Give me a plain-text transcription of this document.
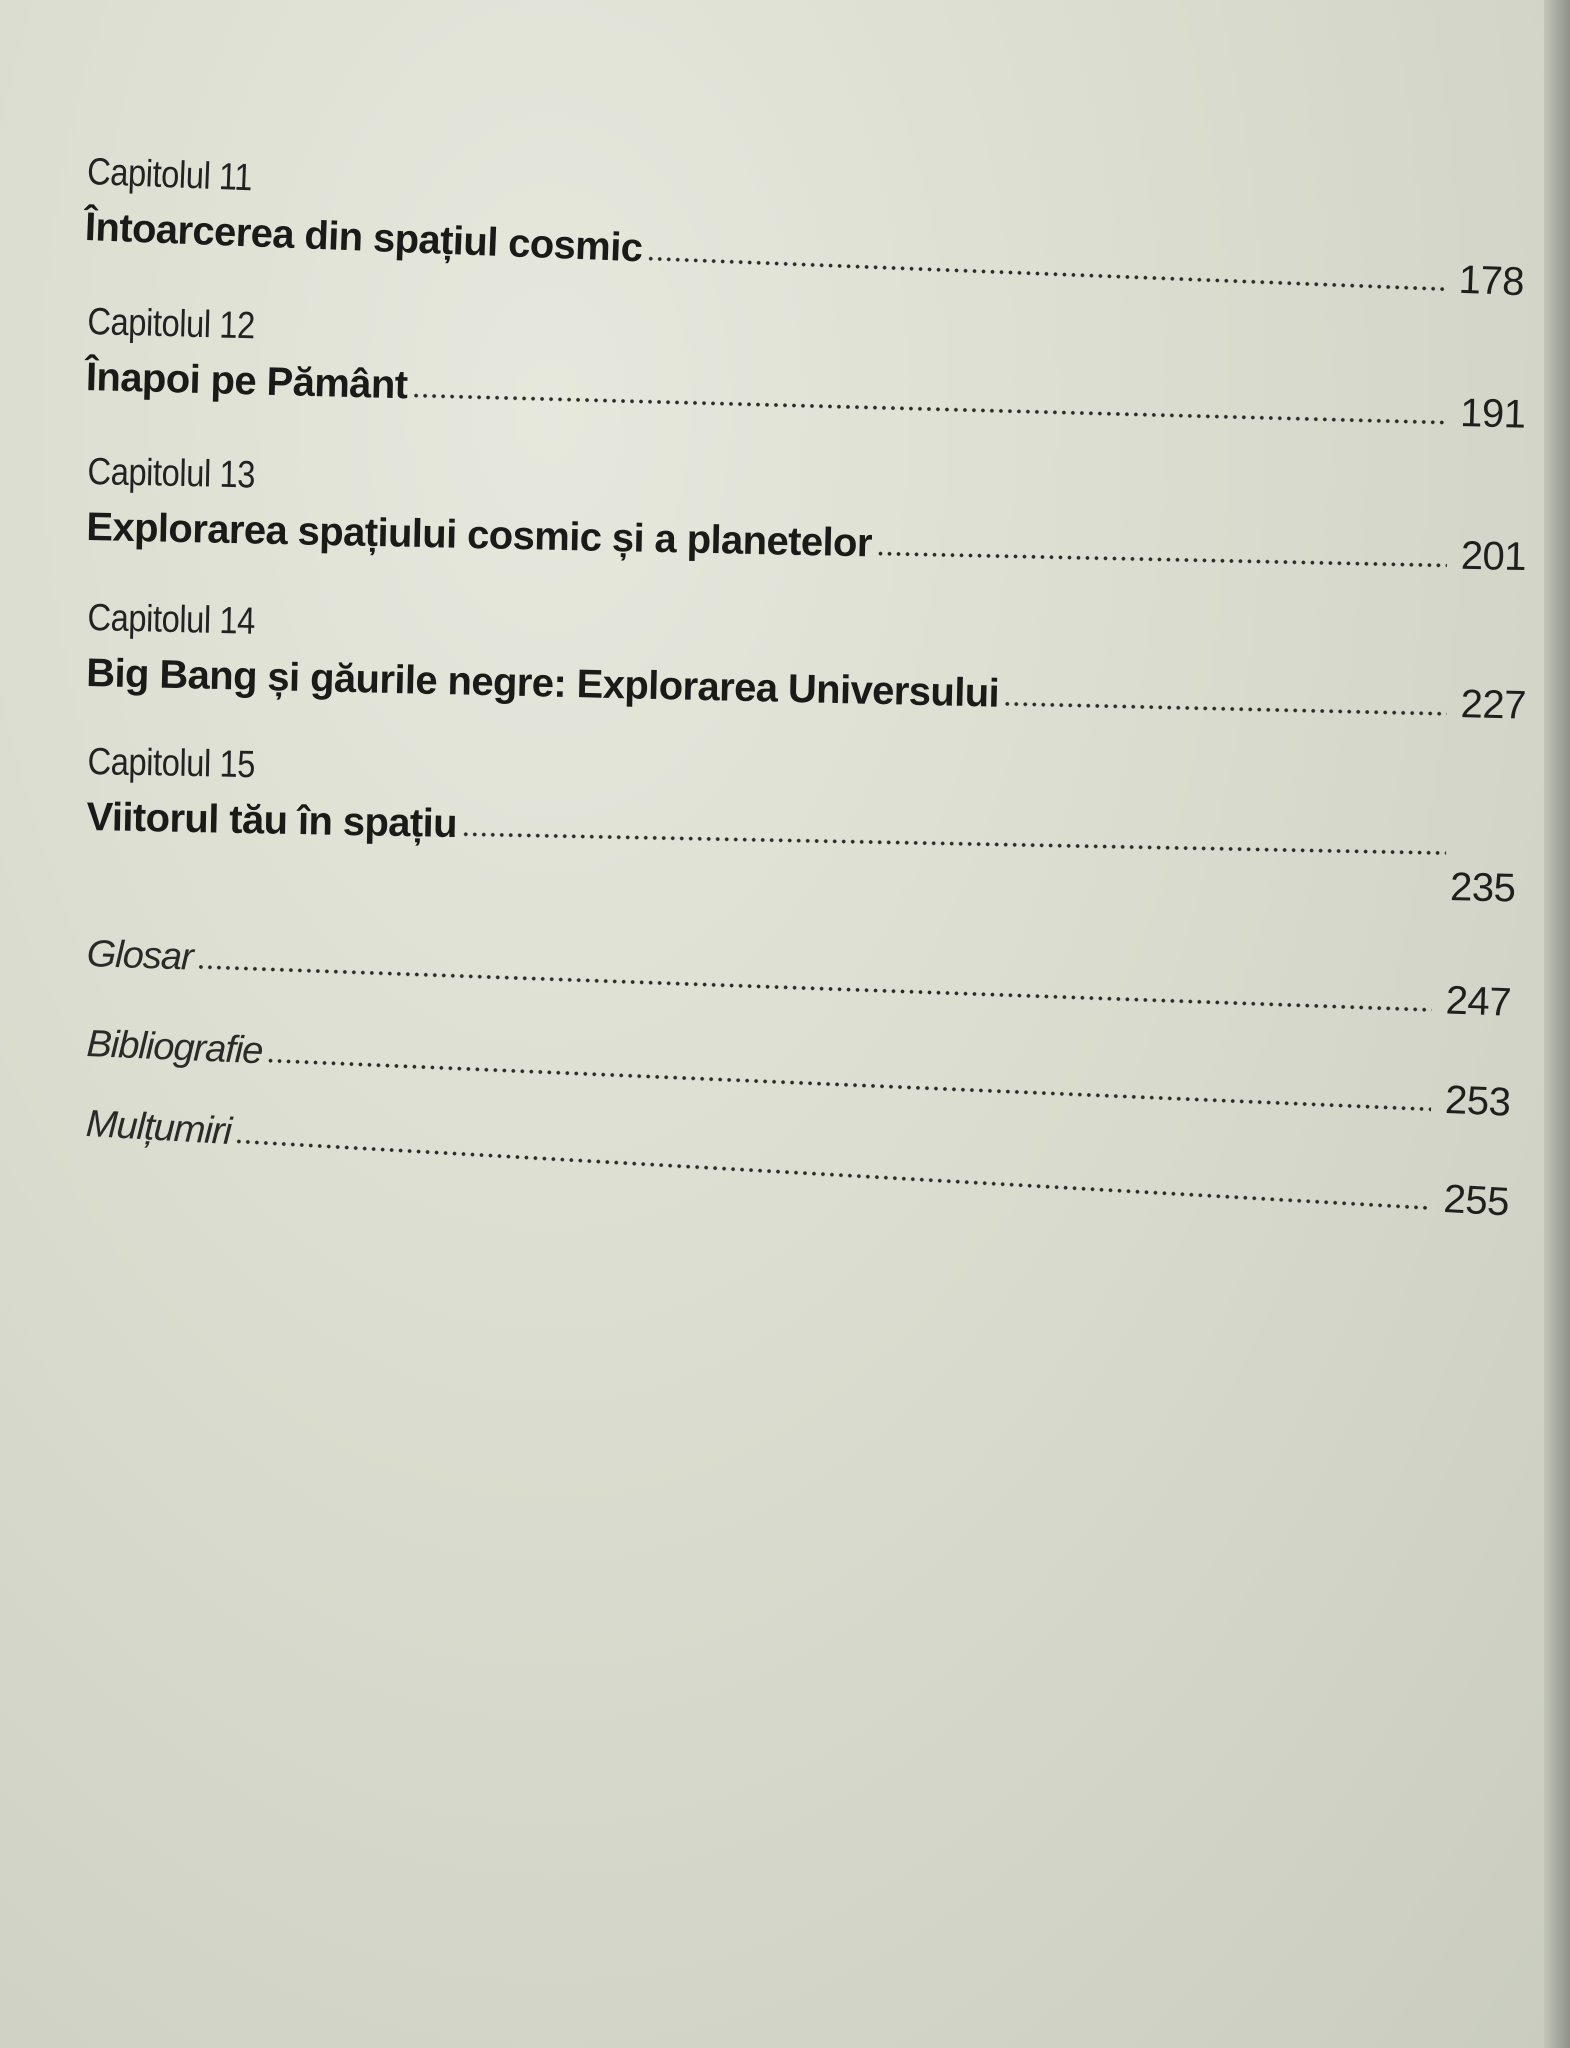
Capitolul 11
Întoarcerea din spațiul cosmic
178
Capitolul 12
Înapoi pe Pământ
191
Capitolul 13
Explorarea spațiului cosmic și a planetelor	201
Capitolul 14
Big Bang și găurile negre: Explorarea Universului	227
Capitolul 15
Viitorul tău în spațiu
235
Glosar
247
Bibliografie
253
Mulțumiri
255
